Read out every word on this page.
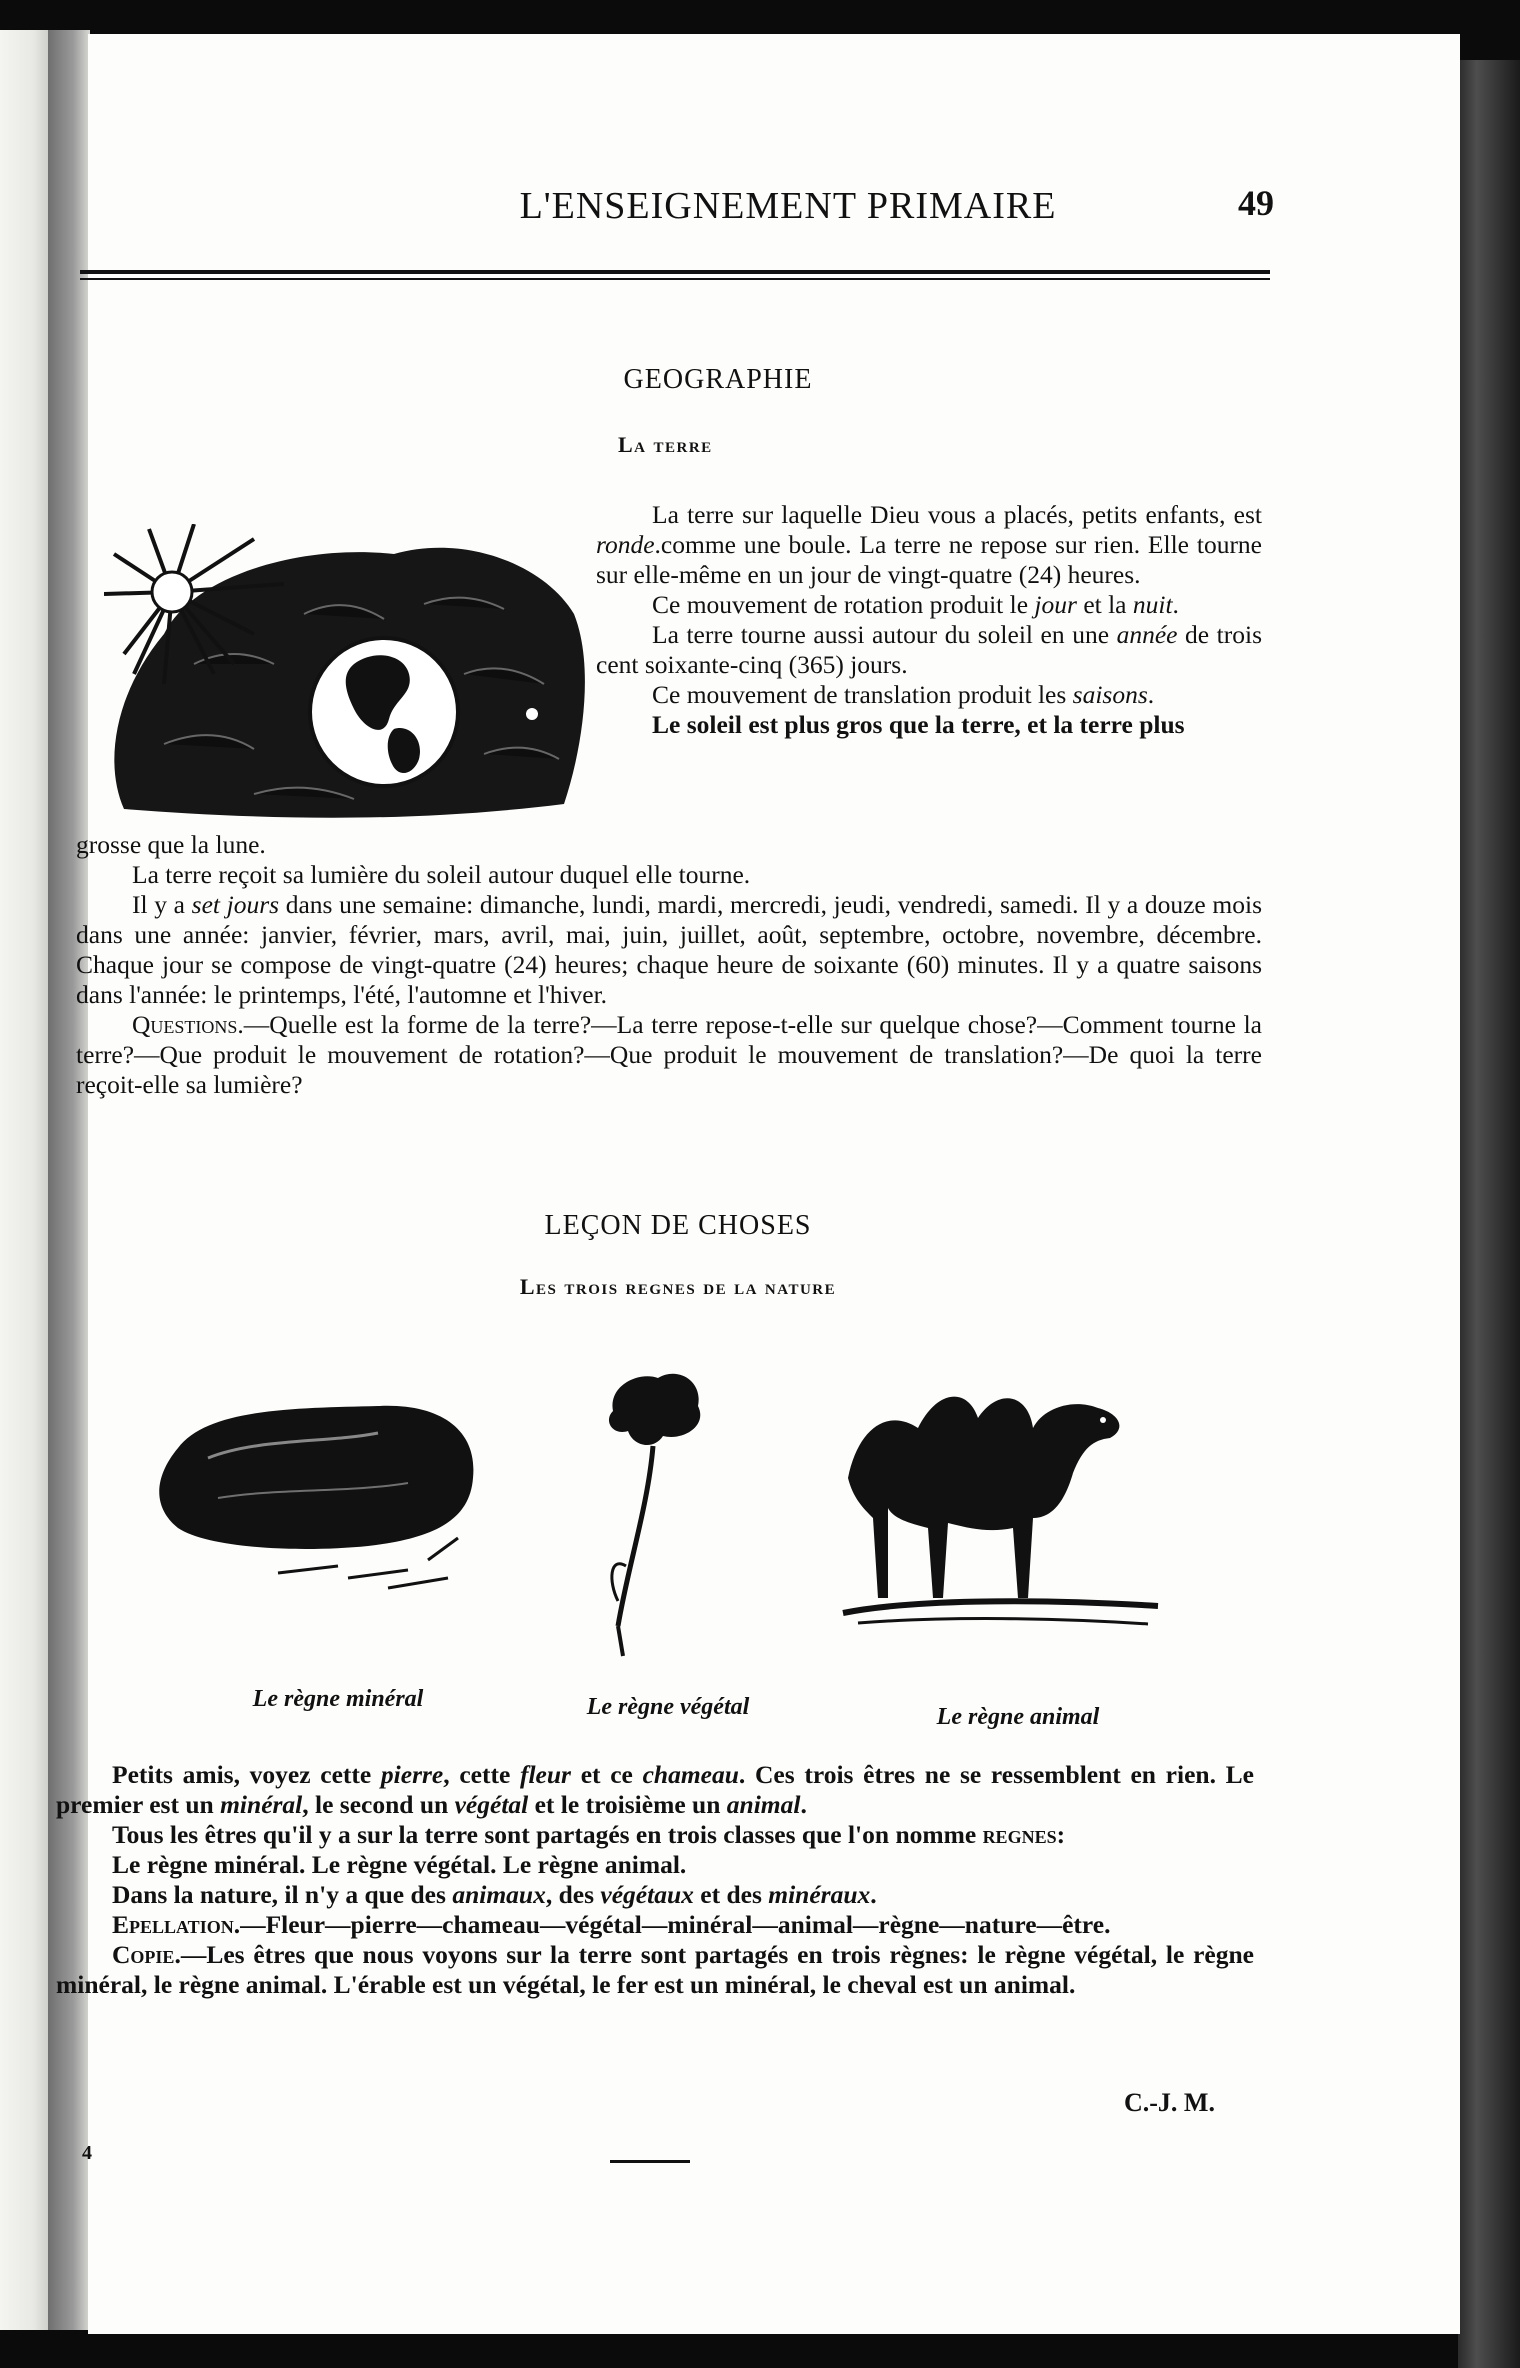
L'ENSEIGNEMENT PRIMAIRE	49
GEOGRAPHIE
La terre

La terre sur laquelle Dieu vous a placés, petits enfants, est ronde.comme une boule. La terre ne repose sur rien. Elle tourne sur elle-même en un jour de vingt-quatre (24) heures.

Ce mouvement de rotation produit le jour et la nuit.

La terre tourne aussi autour du soleil en une année de trois cent soixante-cinq (365) jours.

Ce mouvement de translation produit les saisons.

Le soleil est plus gros que la terre, et la terre plus

grosse que la lune.

La terre reçoit sa lumière du soleil autour duquel elle tourne.

Il y a set jours dans une semaine: dimanche, lundi, mardi, mercredi, jeudi, vendredi, samedi. Il y a douze mois dans une année: janvier, février, mars, avril, mai, juin, juillet, août, septembre, octobre, novembre, décembre. Chaque jour se compose de vingt-quatre (24) heures; chaque heure de soixante (60) minutes. Il y a quatre saisons dans l'année: le printemps, l'été, l'automne et l'hiver.

Questions.—Quelle est la forme de la terre?—La terre repose-t-elle sur quelque chose?—Comment tourne la terre?—Que produit le mouvement de rotation?—Que produit le mouvement de translation?—De quoi la terre reçoit-elle sa lumière?

LEÇON DE CHOSES
Les trois regnes de la nature
Le règne minéral	Le règne végétal	Le règne animal

Petits amis, voyez cette pierre, cette fleur et ce chameau. Ces trois êtres ne se ressemblent en rien. Le premier est un minéral, le second un végétal et le troisième un animal.

Tous les êtres qu'il y a sur la terre sont partagés en trois classes que l'on nomme regnes:

Le règne minéral. Le règne végétal. Le règne animal.

Dans la nature, il n'y a que des animaux, des végétaux et des minéraux.

Epellation.—Fleur—pierre—chameau—végétal—minéral—animal—règne—nature—être.

Copie.—Les êtres que nous voyons sur la terre sont partagés en trois règnes: le règne végétal, le règne minéral, le règne animal. L'érable est un végétal, le fer est un minéral, le cheval est un animal.

C.-J. M.
4
